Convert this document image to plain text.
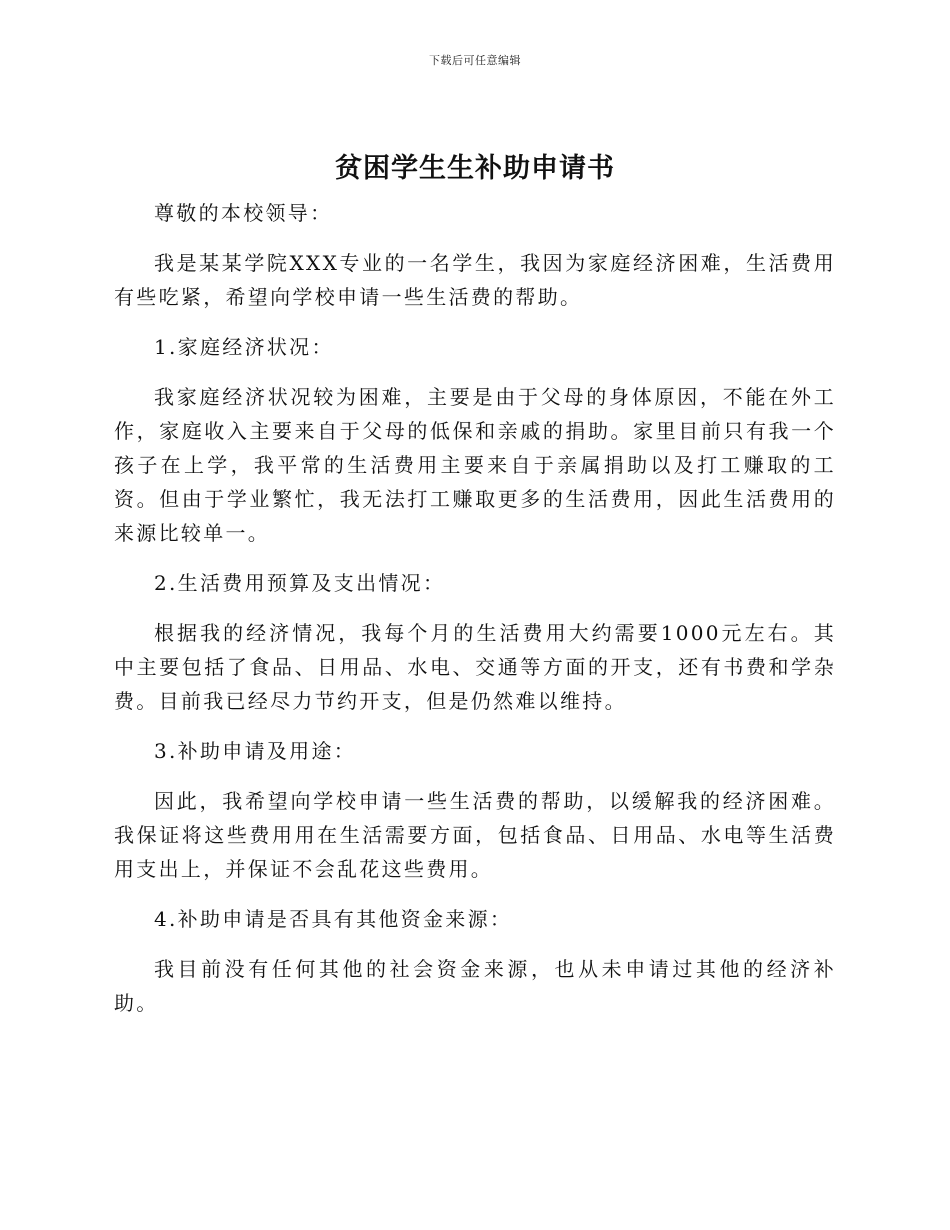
下载后可任意编辑
贫困学生生补助申请书

尊敬的本校领导：

我是某某学院XXX专业的一名学生，我因为家庭经济困难，生活费用有些吃紧，希望向学校申请一些生活费的帮助。

1.家庭经济状况：

我家庭经济状况较为困难，主要是由于父母的身体原因，不能在外工作，家庭收入主要来自于父母的低保和亲戚的捐助。家里目前只有我一个孩子在上学，我平常的生活费用主要来自于亲属捐助以及打工赚取的工资。但由于学业繁忙，我无法打工赚取更多的生活费用，因此生活费用的来源比较单一。

2.生活费用预算及支出情况：

根据我的经济情况，我每个月的生活费用大约需要1000元左右。其中主要包括了食品、日用品、水电、交通等方面的开支，还有书费和学杂费。目前我已经尽力节约开支，但是仍然难以维持。

3.补助申请及用途：

因此，我希望向学校申请一些生活费的帮助，以缓解我的经济困难。我保证将这些费用用在生活需要方面，包括食品、日用品、水电等生活费用支出上，并保证不会乱花这些费用。

4.补助申请是否具有其他资金来源：

我目前没有任何其他的社会资金来源，也从未申请过其他的经济补助。
